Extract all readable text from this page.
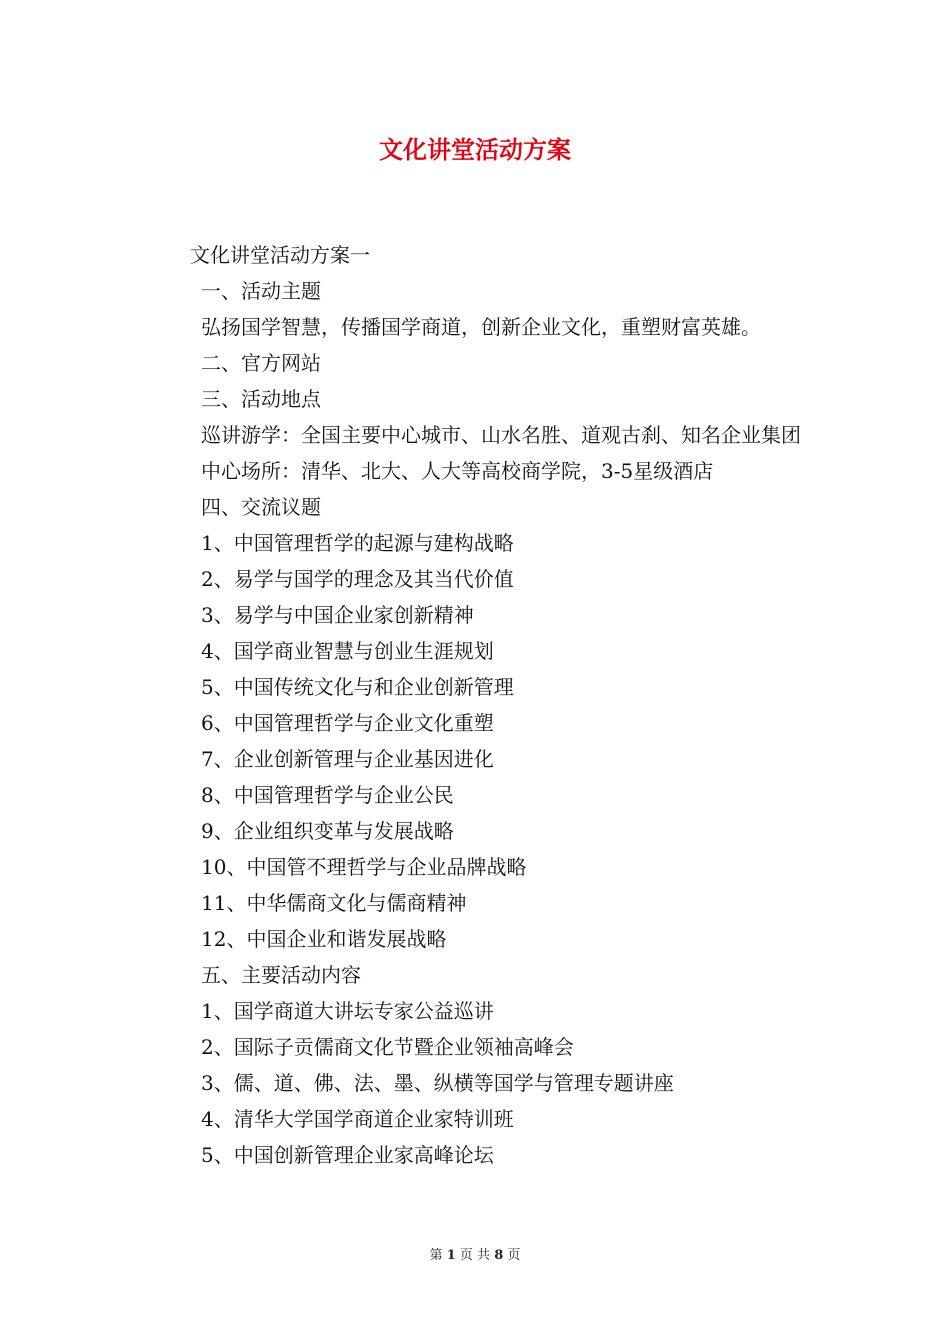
文化讲堂活动方案

文化讲堂活动方案一

一、活动主题

弘扬国学智慧，传播国学商道，创新企业文化，重塑财富英雄。

二、官方网站

三、活动地点

巡讲游学：全国主要中心城市、山水名胜、道观古刹、知名企业集团

中心场所：清华、北大、人大等高校商学院，3-5星级酒店

四、交流议题

1、中国管理哲学的起源与建构战略

2、易学与国学的理念及其当代价值

3、易学与中国企业家创新精神

4、国学商业智慧与创业生涯规划

5、中国传统文化与和企业创新管理

6、中国管理哲学与企业文化重塑

7、企业创新管理与企业基因进化

8、中国管理哲学与企业公民

9、企业组织变革与发展战略

10、中国管不理哲学与企业品牌战略

11、中华儒商文化与儒商精神

12、中国企业和谐发展战略

五、主要活动内容

1、国学商道大讲坛专家公益巡讲

2、国际子贡儒商文化节暨企业领袖高峰会

3、儒、道、佛、法、墨、纵横等国学与管理专题讲座

4、清华大学国学商道企业家特训班

5、中国创新管理企业家高峰论坛

第 1 页 共 8 页
